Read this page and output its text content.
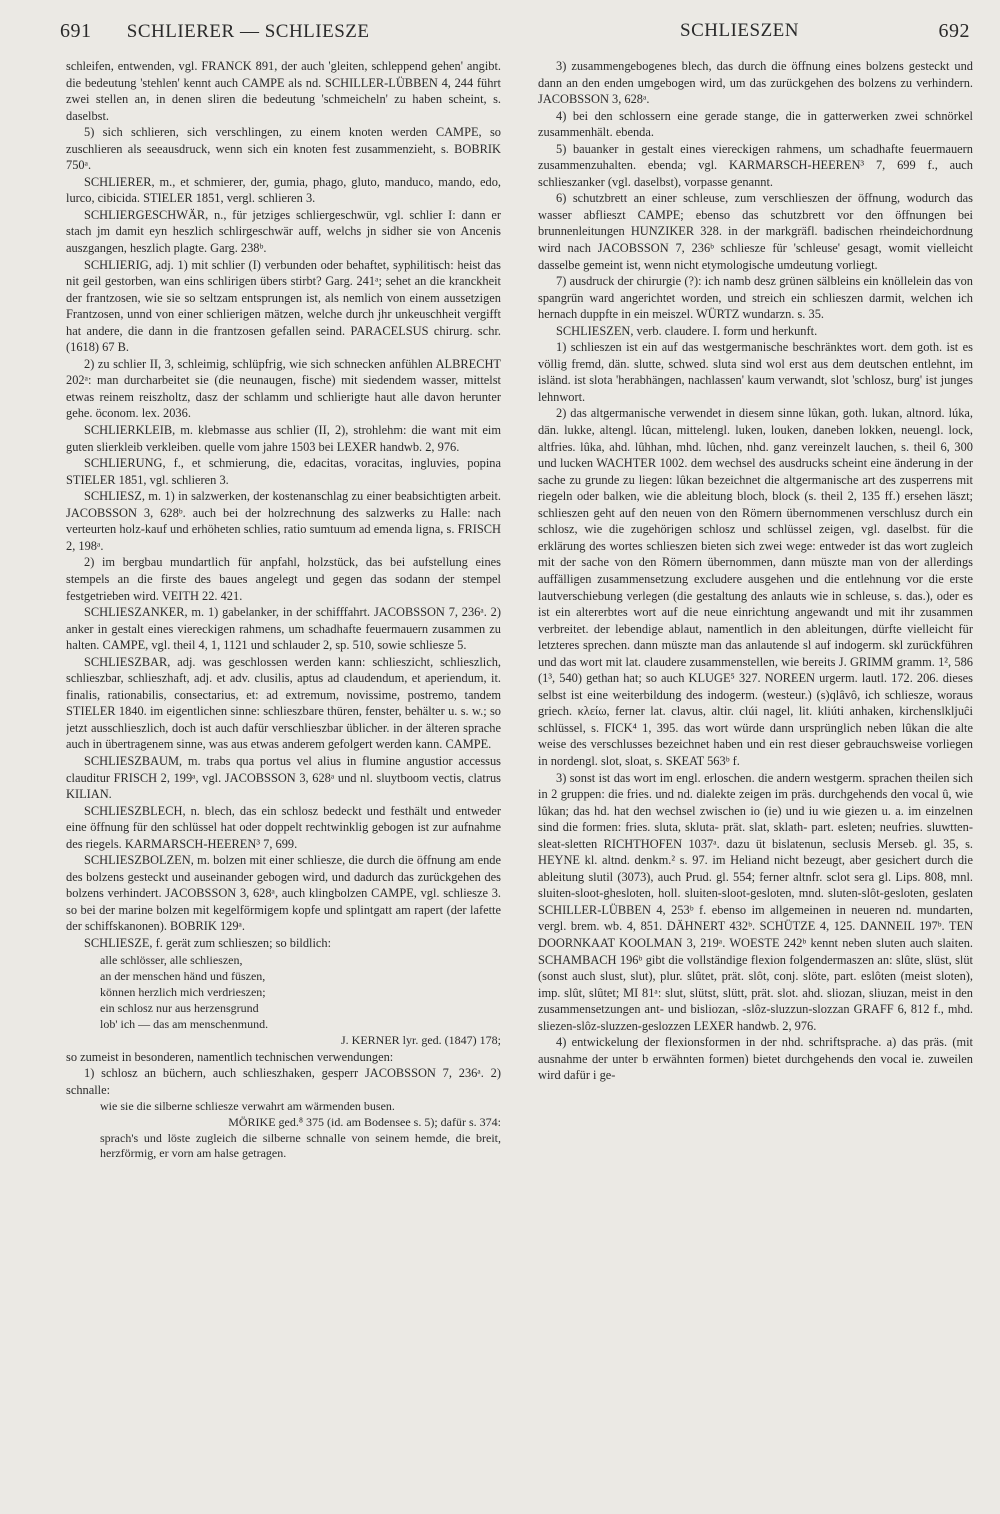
691 SCHLIERER — SCHLIESZE	SCHLIESZEN	692

schleifen, entwenden, vgl. FRANCK 891, der auch 'gleiten, schleppend gehen' angibt. die bedeutung 'stehlen' kennt auch CAMPE als nd. SCHILLER-LÜBBEN 4, 244 führt zwei stellen an, in denen sliren die bedeutung 'schmeicheln' zu haben scheint, s. daselbst.

5) sich schlieren, sich verschlingen, zu einem knoten werden CAMPE, so zuschlieren als seeausdruck, wenn sich ein knoten fest zusammenzieht, s. BOBRIK 750ᵃ.

SCHLIERER, m., et schmierer, der, gumia, phago, gluto, manduco, mando, edo, lurco, cibicida. STIELER 1851, vergl. schlieren 3.

SCHLIERGESCHWÄR, n., für jetziges schliergeschwür, vgl. schlier I: dann er stach jm damit eyn heszlich schlirgeschwär auff, welchs jn sidher sie von Ancenis auszgangen, heszlich plagte. Garg. 238ᵇ.

SCHLIERIG, adj. 1) mit schlier (I) verbunden oder behaftet, syphilitisch: heist das nit geil gestorben, wan eins schlirigen übers stirbt? Garg. 241ᵃ; sehet an die kranckheit der frantzosen, wie sie so seltzam entsprungen ist, als nemlich von einem aussetzigen Frantzosen, unnd von einer schlierigen mätzen, welche durch jhr unkeuschheit vergifft hat andere, die dann in die frantzosen gefallen seind. PARACELSUS chirurg. schr. (1618) 67 B.

2) zu schlier II, 3, schleimig, schlüpfrig, wie sich schnecken anfühlen ALBRECHT 202ᵃ: man durcharbeitet sie (die neunaugen, fische) mit siedendem wasser, mittelst etwas reinem reiszholtz, dasz der schlamm und schlierigte haut alle davon herunter gehe. öconom. lex. 2036.

SCHLIERKLEIB, m. klebmasse aus schlier (II, 2), strohlehm: die want mit eim guten slierkleib verkleiben. quelle vom jahre 1503 bei LEXER handwb. 2, 976.

SCHLIERUNG, f., et schmierung, die, edacitas, voracitas, ingluvies, popina STIELER 1851, vgl. schlieren 3.

SCHLIESZ, m. 1) in salzwerken, der kostenanschlag zu einer beabsichtigten arbeit. JACOBSSON 3, 628ᵇ. auch bei der holzrechnung des salzwerks zu Halle: nach verteurten holz-kauf und erhöheten schlies, ratio sumtuum ad emenda ligna, s. FRISCH 2, 198ᵃ.

2) im bergbau mundartlich für anpfahl, holzstück, das bei aufstellung eines stempels an die firste des baues angelegt und gegen das sodann der stempel festgetrieben wird. VEITH 22. 421.

SCHLIESZANKER, m. 1) gabelanker, in der schifffahrt. JACOBSSON 7, 236ᵃ. 2) anker in gestalt eines viereckigen rahmens, um schadhafte feuermauern zusammen zu halten. CAMPE, vgl. theil 4, 1, 1121 und schlauder 2, sp. 510, sowie schliesze 5.

SCHLIESZBAR, adj. was geschlossen werden kann: schlieszicht, schlieszlich, schlieszbar, schlieszhaft, adj. et adv. clusilis, aptus ad claudendum, et aperiendum, it. finalis, rationabilis, consectarius, et: ad extremum, novissime, postremo, tandem STIELER 1840. im eigentlichen sinne: schlieszbare thüren, fenster, behälter u. s. w.; so jetzt ausschlieszlich, doch ist auch dafür verschlieszbar üblicher. in der älteren sprache auch in übertragenem sinne, was aus etwas anderem gefolgert werden kann. CAMPE.

SCHLIESZBAUM, m. trabs qua portus vel alius in flumine angustior accessus clauditur FRISCH 2, 199ᵃ, vgl. JACOBSSON 3, 628ᵃ und nl. sluytboom vectis, clatrus KILIAN.

SCHLIESZBLECH, n. blech, das ein schlosz bedeckt und festhält und entweder eine öffnung für den schlüssel hat oder doppelt rechtwinklig gebogen ist zur aufnahme des riegels. KARMARSCH-HEEREN³ 7, 699.

SCHLIESZBOLZEN, m. bolzen mit einer schliesze, die durch die öffnung am ende des bolzens gesteckt und auseinander gebogen wird, und dadurch das zurückgehen des bolzens verhindert. JACOBSSON 3, 628ᵃ, auch klingbolzen CAMPE, vgl. schliesze 3. so bei der marine bolzen mit kegelförmigem kopfe und splintgatt am rapert (der lafette der schiffskanonen). BOBRIK 129ᵃ.

SCHLIESZE, f. gerät zum schlieszen; so bildlich:

alle schlösser, alle schlieszen,

an der menschen händ und füszen,

können herzlich mich verdrieszen;

ein schlosz nur aus herzensgrund

lob' ich — das am menschenmund.

J. KERNER lyr. ged. (1847) 178;

so zumeist in besonderen, namentlich technischen verwendungen:

1) schlosz an büchern, auch schlieszhaken, gesperr JACOBSSON 7, 236ᵃ. 2) schnalle:

wie sie die silberne schliesze verwahrt am wärmenden busen.

MÖRIKE ged.⁸ 375 (id. am Bodensee s. 5); dafür s. 374:

sprach's und löste zugleich die silberne schnalle von seinem hemde, die breit, herzförmig, er vorn am halse getragen.

3) zusammengebogenes blech, das durch die öffnung eines bolzens gesteckt und dann an den enden umgebogen wird, um das zurückgehen des bolzens zu verhindern. JACOBSSON 3, 628ᵃ.

4) bei den schlossern eine gerade stange, die in gatterwerken zwei schnörkel zusammenhält. ebenda.

5) bauanker in gestalt eines viereckigen rahmens, um schadhafte feuermauern zusammenzuhalten. ebenda; vgl. KARMARSCH-HEEREN³ 7, 699 f., auch schlieszanker (vgl. daselbst), vorpasse genannt.

6) schutzbrett an einer schleuse, zum verschlieszen der öffnung, wodurch das wasser abflieszt CAMPE; ebenso das schutzbrett vor den öffnungen bei brunnenleitungen HUNZIKER 328. in der markgräfl. badischen rheindeichordnung wird nach JACOBSSON 7, 236ᵇ schliesze für 'schleuse' gesagt, womit vielleicht dasselbe gemeint ist, wenn nicht etymologische umdeutung vorliegt.

7) ausdruck der chirurgie (?): ich namb desz grünen sälbleins ein knöllelein das von spangrün ward angerichtet worden, und streich ein schlieszen darmit, welchen ich hernach duppfte in ein meiszel. WÜRTZ wundarzn. s. 35.

SCHLIESZEN, verb. claudere. I. form und herkunft.

1) schlieszen ist ein auf das westgermanische beschränktes wort. dem goth. ist es völlig fremd, dän. slutte, schwed. sluta sind wol erst aus dem deutschen entlehnt, im isländ. ist slota 'herabhängen, nachlassen' kaum verwandt, slot 'schlosz, burg' ist junges lehnwort.

2) das altgermanische verwendet in diesem sinne lûkan, goth. lukan, altnord. lúka, dän. lukke, altengl. lûcan, mittelengl. luken, louken, daneben lokken, neuengl. lock, altfries. lûka, ahd. lûhhan, mhd. lûchen, nhd. ganz vereinzelt lauchen, s. theil 6, 300 und lucken WACHTER 1002. dem wechsel des ausdrucks scheint eine änderung in der sache zu grunde zu liegen: lûkan bezeichnet die altgermanische art des zusperrens mit riegeln oder balken, wie die ableitung bloch, block (s. theil 2, 135 ff.) ersehen läszt; schlieszen geht auf den neuen von den Römern übernommenen verschlusz durch ein schlosz, wie die zugehörigen schlosz und schlüssel zeigen, vgl. daselbst. für die erklärung des wortes schlieszen bieten sich zwei wege: entweder ist das wort zugleich mit der sache von den Römern übernommen, dann müszte man von der allerdings auffälligen zusammensetzung excludere ausgehen und die entlehnung vor die erste lautverschiebung verlegen (die gestaltung des anlauts wie in schleuse, s. das.), oder es ist ein altererbtes wort auf die neue einrichtung angewandt und mit ihr zusammen verbreitet. der lebendige ablaut, namentlich in den ableitungen, dürfte vielleicht für letzteres sprechen. dann müszte man das anlautende sl auf indogerm. skl zurückführen und das wort mit lat. claudere zusammenstellen, wie bereits J. GRIMM gramm. 1², 586 (1³, 540) gethan hat; so auch KLUGE⁵ 327. NOREEN urgerm. lautl. 172. 206. dieses selbst ist eine weiterbildung des indogerm. (westeur.) (s)qlâvô, ich schliesze, woraus griech. κλείω, ferner lat. clavus, altir. clúi nagel, lit. kliúti anhaken, kirchenslkljuĉi schlüssel, s. FICK⁴ 1, 395. das wort würde dann ursprünglich neben lûkan die alte weise des verschlusses bezeichnet haben und ein rest dieser gebrauchsweise vorliegen in nordengl. slot, sloat, s. SKEAT 563ᵇ f.

3) sonst ist das wort im engl. erloschen. die andern westgerm. sprachen theilen sich in 2 gruppen: die fries. und nd. dialekte zeigen im präs. durchgehends den vocal û, wie lûkan; das hd. hat den wechsel zwischen io (ie) und iu wie giezen u. a. im einzelnen sind die formen: fries. sluta, skluta- prät. slat, sklath- part. esleten; neufries. sluwtten-sleat-sletten RICHTHOFEN 1037ᵃ. dazu üt bislatenun, seclusis Merseb. gl. 35, s. HEYNE kl. altnd. denkm.² s. 97. im Heliand nicht bezeugt, aber gesichert durch die ableitung slutil (3073), auch Prud. gl. 554; ferner altnfr. sclot sera gl. Lips. 808, mnl. sluiten-sloot-ghesloten, holl. sluiten-sloot-gesloten, mnd. sluten-slôt-gesloten, geslaten SCHILLER-LÜBBEN 4, 253ᵇ f. ebenso im allgemeinen in neueren nd. mundarten, vergl. brem. wb. 4, 851. DÄHNERT 432ᵇ. SCHÜTZE 4, 125. DANNEIL 197ᵇ. TEN DOORNKAAT KOOLMAN 3, 219ᵃ. WOESTE 242ᵇ kennt neben sluten auch slaiten. SCHAMBACH 196ᵇ gibt die vollständige flexion folgendermaszen an: slûte, slüst, slüt (sonst auch slust, slut), plur. slûtet, prät. slôt, conj. slöte, part. eslôten (meist sloten), imp. slût, slûtet; MI 81ᵃ: slut, slütst, slütt, prät. slot. ahd. sliozan, sliuzan, meist in den zusammensetzungen ant- und bisliozan, -slôz-sluzzun-slozzan GRAFF 6, 812 f., mhd. sliezen-slôz-sluzzen-geslozzen LEXER handwb. 2, 976.

4) entwickelung der flexionsformen in der nhd. schriftsprache. a) das präs. (mit ausnahme der unter b erwähnten formen) bietet durchgehends den vocal ie. zuweilen wird dafür i ge-
